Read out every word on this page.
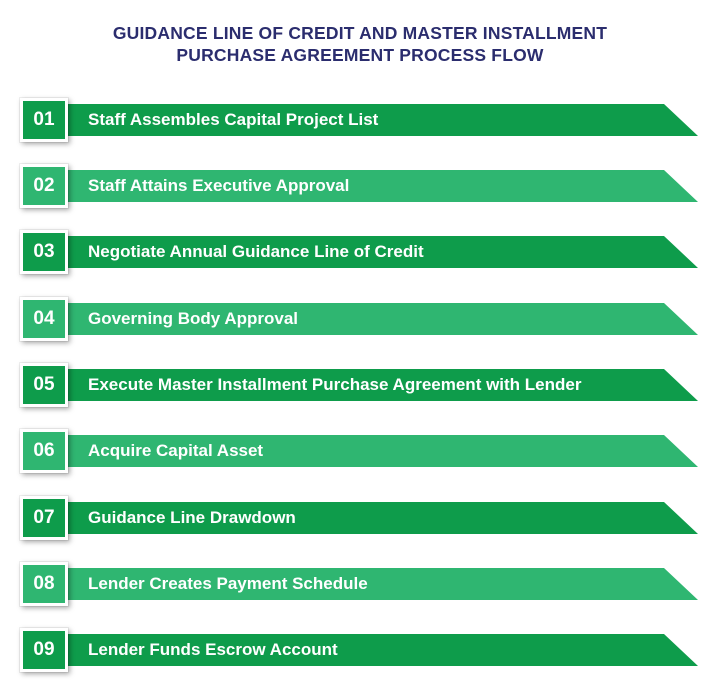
GUIDANCE LINE OF CREDIT AND MASTER INSTALLMENT
PURCHASE AGREEMENT PROCESS FLOW
01	Staff Assembles Capital Project List
02	Staff Attains Executive Approval
03	Negotiate Annual Guidance Line of Credit
04	Governing Body Approval
05	Execute Master Installment Purchase Agreement with Lender
06	Acquire Capital Asset
07	Guidance Line Drawdown
08	Lender Creates Payment Schedule
09	Lender Funds Escrow Account
